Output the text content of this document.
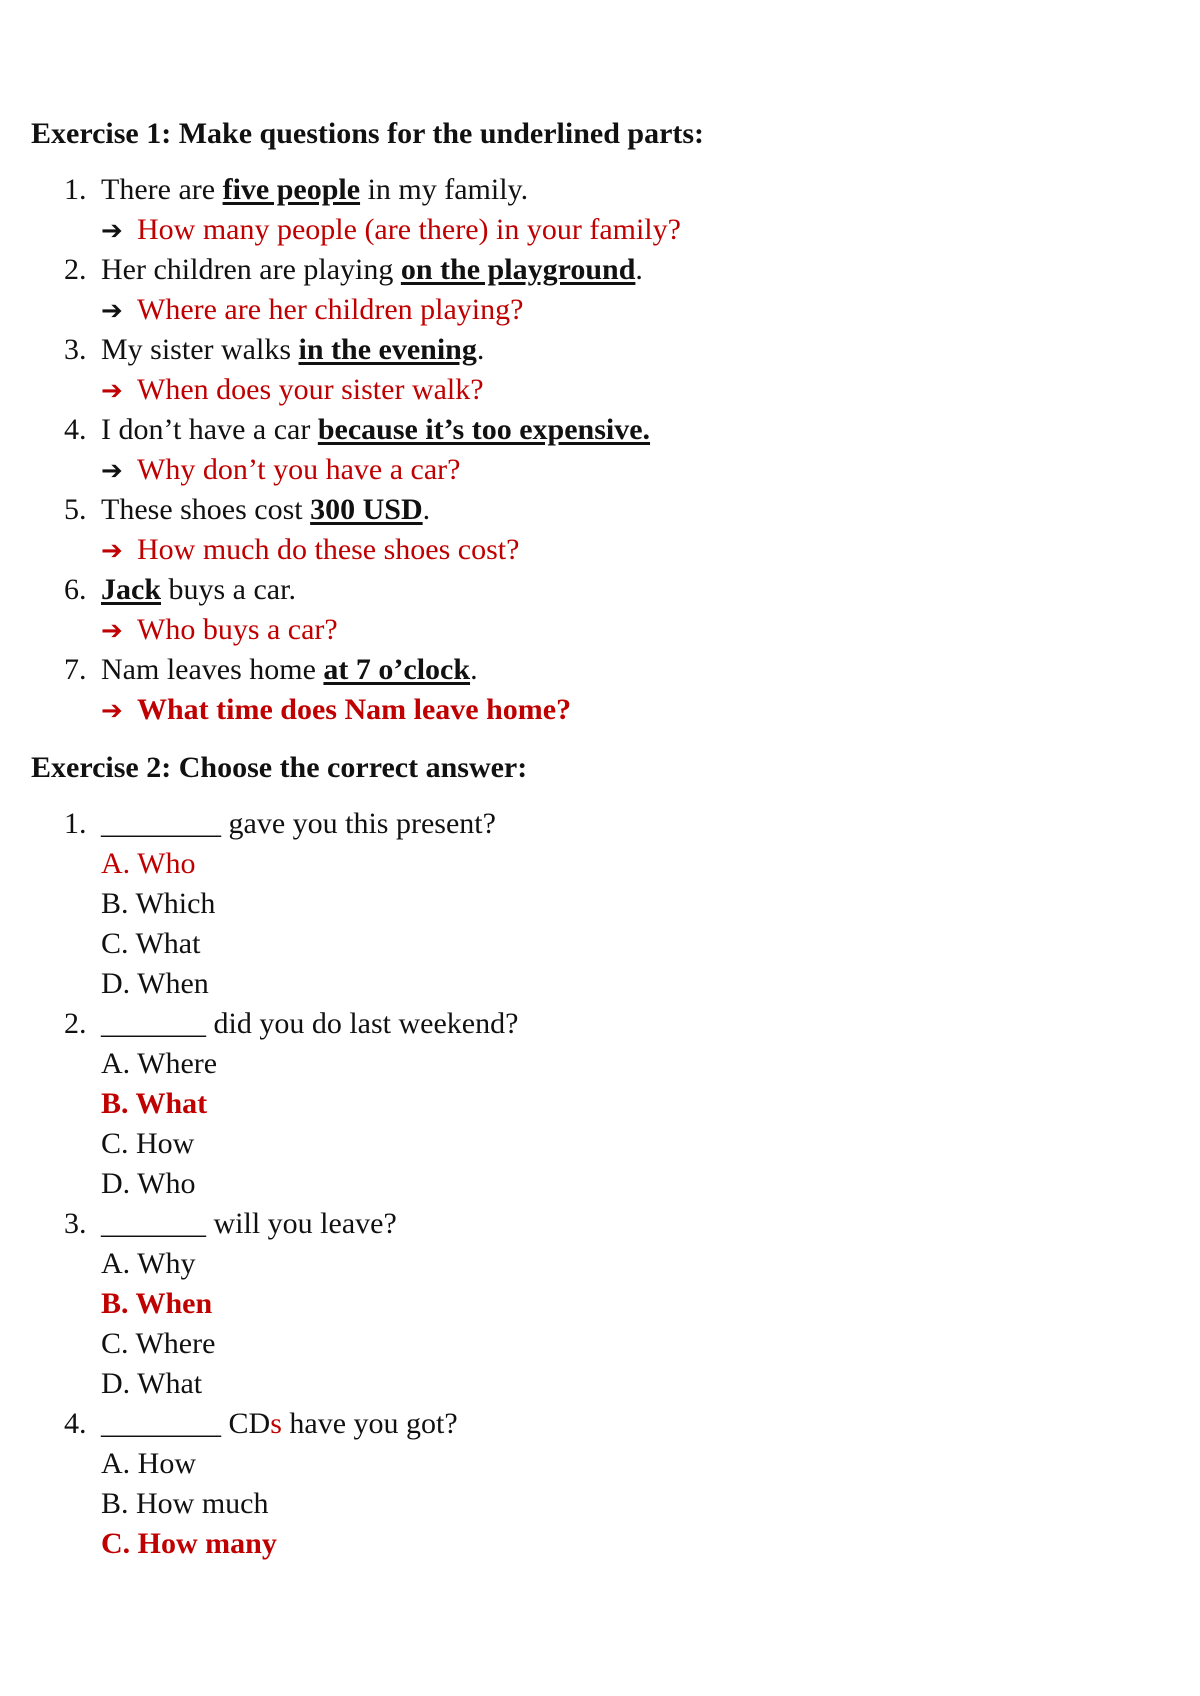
Exercise 1: Make questions for the underlined parts:
1. There are five people in my family.
➔ How many people (are there) in your family?
2. Her children are playing on the playground.
➔ Where are her children playing?
3. My sister walks in the evening.
➔ When does your sister walk?
4. I don’t have a car because it’s too expensive.
➔ Why don’t you have a car?
5. These shoes cost 300 USD.
➔ How much do these shoes cost?
6. Jack buys a car.
➔ Who buys a car?
7. Nam leaves home at 7 o’clock.
➔ What time does Nam leave home?
Exercise 2: Choose the correct answer:
1. ________ gave you this present?
A. Who
B. Which
C. What
D. When
2. _______ did you do last weekend?
A. Where
B. What
C. How
D. Who
3. _______ will you leave?
A. Why
B. When
C. Where
D. What
4. ________ CDs have you got?
A. How
B. How much
C. How many
